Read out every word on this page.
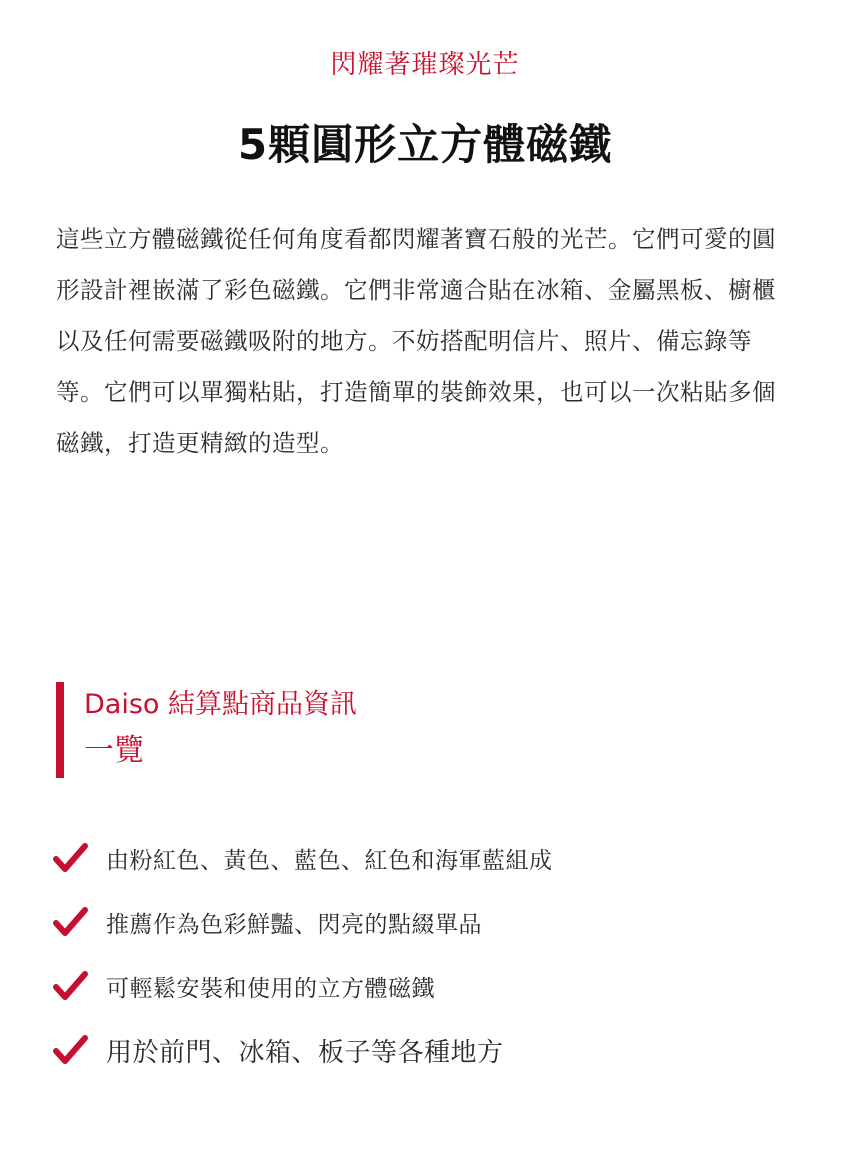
閃耀著璀璨光芒
5顆圓形立方體磁鐵

這些立方體磁鐵從任何角度看都閃耀著寶石般的光芒。它們可愛的圓形設計裡嵌滿了彩色磁鐵。它們非常適合貼在冰箱、金屬黑板、櫥櫃以及任何需要磁鐵吸附的地方。不妨搭配明信片、照片、備忘錄等等。它們可以單獨粘貼，打造簡單的裝飾效果，也可以一次粘貼多個磁鐵，打造更精緻的造型。

Daiso 結算點商品資訊
一覽
由粉紅色、黃色、藍色、紅色和海軍藍組成
推薦作為色彩鮮豔、閃亮的點綴單品
可輕鬆安裝和使用的立方體磁鐵
用於前門、冰箱、板子等各種地方
